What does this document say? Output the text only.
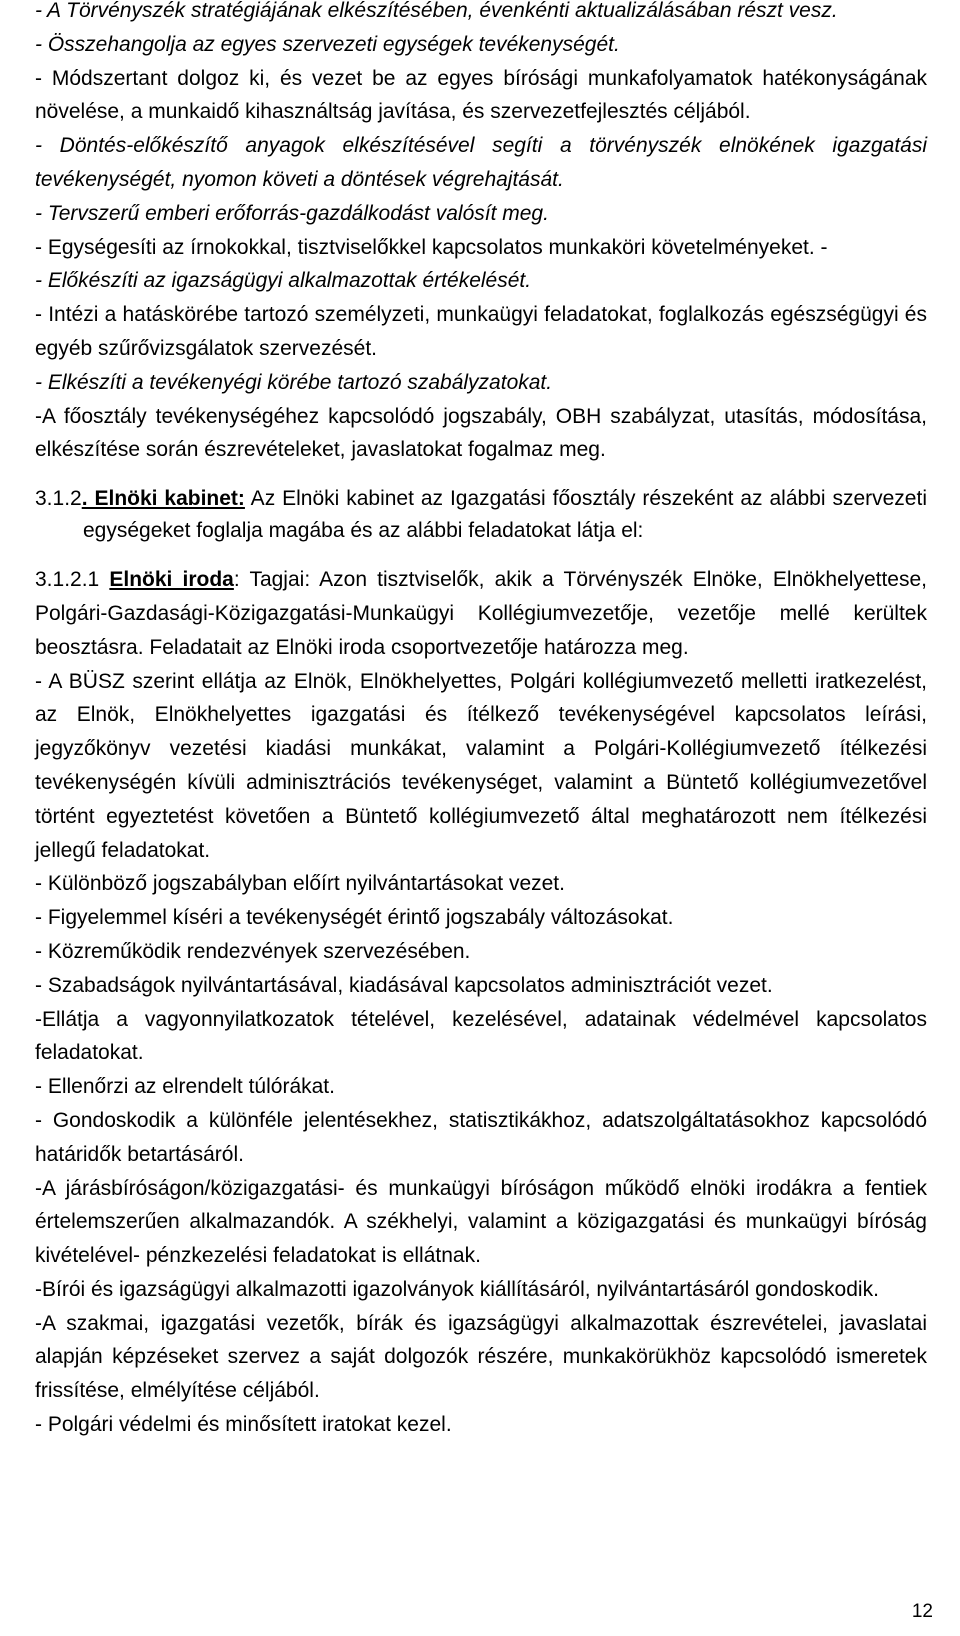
- A Törvényszék stratégiájának elkészítésében, évenkénti aktualizálásában részt vesz.

- Összehangolja az egyes szervezeti egységek tevékenységét.

- Módszertant dolgoz ki, és vezet be az egyes bírósági munkafolyamatok hatékonyságának növelése, a munkaidő kihasználtság javítása, és szervezetfejlesztés céljából.

- Döntés-előkészítő anyagok elkészítésével segíti a törvényszék elnökének igazgatási tevékenységét, nyomon követi a döntések végrehajtását.

- Tervszerű emberi erőforrás-gazdálkodást valósít meg.

- Egységesíti az írnokokkal, tisztviselőkkel kapcsolatos munkaköri követelményeket. -

- Előkészíti az igazságügyi alkalmazottak értékelését.

- Intézi a hatáskörébe tartozó személyzeti, munkaügyi feladatokat, foglalkozás egészségügyi és egyéb szűrővizsgálatok szervezését.

- Elkészíti a tevékenyégi körébe tartozó szabályzatokat.

-A főosztály tevékenységéhez kapcsolódó jogszabály, OBH szabályzat, utasítás, módosítása, elkészítése során észrevételeket, javaslatokat fogalmaz meg.

3.1.2. Elnöki kabinet: Az Elnöki kabinet az Igazgatási főosztály részeként az alábbi szervezetiegységeket foglalja magába és az alábbi feladatokat látja el:

3.1.2.1 Elnöki iroda: Tagjai: Azon tisztviselők, akik a Törvényszék Elnöke, Elnökhelyettese, Polgári-Gazdasági-Közigazgatási-Munkaügyi Kollégiumvezetője, vezetője mellé kerültek beosztásra. Feladatait az Elnöki iroda csoportvezetője határozza meg.

- A BÜSZ szerint ellátja az Elnök, Elnökhelyettes, Polgári kollégiumvezető melletti iratkezelést, az Elnök, Elnökhelyettes igazgatási és ítélkező tevékenységével kapcsolatos leírási, jegyzőkönyv vezetési kiadási munkákat, valamint a Polgári-Kollégiumvezető ítélkezési tevékenységén kívüli adminisztrációs tevékenységet, valamint a Büntető kollégiumvezetővel történt egyeztetést követően a Büntető kollégiumvezető által meghatározott nem ítélkezési jellegű feladatokat.

- Különböző jogszabályban előírt nyilvántartásokat vezet.

- Figyelemmel kíséri a tevékenységét érintő jogszabály változásokat.

- Közreműködik rendezvények szervezésében.

- Szabadságok nyilvántartásával, kiadásával kapcsolatos adminisztrációt vezet.

-Ellátja a vagyonnyilatkozatok tételével, kezelésével, adatainak védelmével kapcsolatos feladatokat.

- Ellenőrzi az elrendelt túlórákat.

- Gondoskodik a különféle jelentésekhez, statisztikákhoz, adatszolgáltatásokhoz kapcsolódó határidők betartásáról.

-A járásbíróságon/közigazgatási- és munkaügyi bíróságon működő elnöki irodákra a fentiek értelemszerűen alkalmazandók. A székhelyi, valamint a közigazgatási és munkaügyi bíróság kivételével- pénzkezelési feladatokat is ellátnak.

-Bírói és igazságügyi alkalmazotti igazolványok kiállításáról, nyilvántartásáról gondoskodik.

-A szakmai, igazgatási vezetők, bírák és igazságügyi alkalmazottak észrevételei, javaslatai alapján képzéseket szervez a saját dolgozók részére, munkakörükhöz kapcsolódó ismeretek frissítése, elmélyítése céljából.

- Polgári védelmi és minősített iratokat kezel.

12
